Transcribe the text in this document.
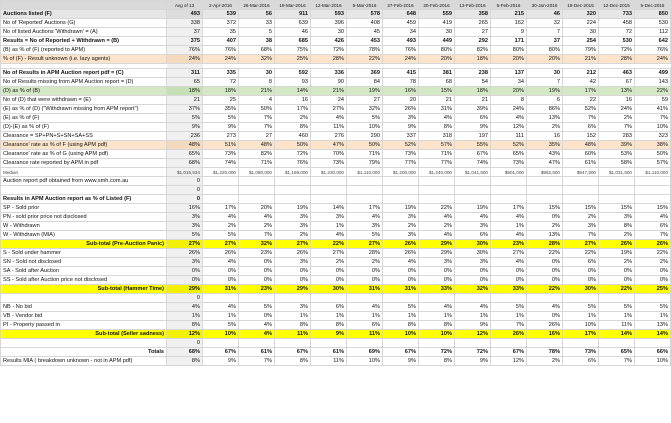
	Avg of 13	2-Apr-2016	26-Mar-2016	19-Mar-2016	12-Mar-2016	5-Mar-2016	27-Feb-2016	20-Feb-2016	13-Feb-2016	6-Feb-2016	30-Jan-2016	19-Dec-2015	12-Dec-2015	5-Dec-2015
Auctions listed (F)	493	539	56	911	593	578	648	559	358	215	46	320	733	850
No of 'Reported' Auctions (G)	338	372	33	639	396	408	459	419	265	162	32	224	458	530
No of listed Auctions 'Withdrawn' = (A)	37	35	5	46	30	45	34	30	27	9	7	30	72	112
Results = No of Reported + Withdrawn = (B)	375	407	38	685	426	453	493	449	292	171	37	254	530	642
(B) as % of (F) (reported to APM)	76%	76%	68%	75%	72%	78%	76%	80%	82%	80%	80%	79%	72%	76%
% of (F) - Result unknown (i.e. lazy agents)	24%	24%	32%	25%	28%	22%	24%	20%	18%	20%	20%	21%	28%	24%

No of Results in APM Auction report pdf = (C)	311	335	30	592	336	369	415	381	238	137	30	212	463	499
No of Results missing from APM Auction report = (D)	65	72	8	93	90	84	78	68	54	34	7	42	67	143
(D) as % of (B)	18%	18%	21%	14%	21%	19%	16%	15%	18%	20%	19%	17%	13%	22%
No of (D) that were withdrawn = (E)	21	25	4	16	24	27	20	21	21	8	6	22	16	59
(E) as % of (D) ("Withdrawn missing from APM report")	37%	35%	50%	17%	27%	32%	26%	31%	39%	24%	86%	52%	24%	41%
(E) as % of (F)	5%	5%	7%	2%	4%	5%	3%	4%	6%	4%	13%	7%	2%	7%
(D)-(E) as % of (F)	9%	9%	7%	8%	11%	10%	9%	8%	9%	12%	2%	6%	7%	10%
Clearance = SP+PN+S+SN+SA+SS	236	273	27	460	276	290	337	318	197	111	16	152	283	323
Clearance' rate as % of F (using APM pdf)	48%	51%	48%	50%	47%	50%	52%	57%	55%	52%	35%	48%	39%	38%
Clearance' rate as % of G (using APM pdf)	65%	73%	82%	72%	70%	71%	73%	71%	67%	65%	43%	60%	53%	50%
Clearance rate reported by APM in pdf	68%	74%	71%	76%	73%	79%	77%	77%	74%	73%	47%	61%	58%	57%
Median	$1,015,534	$1,220,000	$1,080,000	$1,169,000	$1,230,000	$1,110,000	$1,200,000	$1,240,000	$1,041,500	$901,000	$962,500	$947,500	$1,031,500	$1,110,000
Auction report pdf obtained from www.smh.com.au	0													
	0													
Results in APM Auction report as % of Listed (F)	0													
SP - Sold prior	16%	17%	20%	19%	14%	17%	19%	22%	19%	17%	15%	15%	15%	15%
PN - sold prior price not disclosed	3%	4%	4%	3%	3%	4%	3%	4%	4%	4%	0%	2%	3%	4%
W - Withdrawn	3%	2%	2%	3%	1%	3%	2%	2%	3%	1%	2%	3%	8%	6%
W - Withdrawn (MIA)	5%	5%	7%	2%	4%	5%	3%	4%	6%	4%	13%	7%	2%	7%
Sub-total (Pre-Auction Panic)	27%	27%	32%	27%	22%	27%	26%	29%	30%	23%	28%	27%	26%	26%
S - Sold under hammer	26%	26%	23%	26%	27%	28%	26%	29%	30%	27%	22%	22%	19%	22%
SN - Sold not disclosed	3%	4%	0%	3%	2%	2%	4%	3%	3%	4%	0%	6%	2%	2%
SA - Sold after Auction	0%	0%	0%	0%	0%	0%	0%	0%	0%	0%	0%	0%	0%	0%
SS - Sold after Auction price not disclosed	0%	0%	0%	0%	0%	0%	0%	0%	0%	0%	0%	0%	0%	0%
Sub-total (Hammer Time)	29%	31%	23%	29%	30%	31%	31%	33%	32%	33%	22%	30%	22%	25%
	0													
NB - No bid	4%	4%	5%	3%	6%	4%	5%	4%	4%	5%	4%	5%	5%	5%
VB - Vendor bid	1%	1%	0%	1%	1%	1%	1%	1%	1%	1%	0%	1%	1%	1%
PI - Property passed in	8%	5%	4%	8%	8%	6%	8%	8%	9%	7%	26%	10%	11%	13%
Sub-total (Seller sadness)	12%	10%	4%	11%	9%	11%	10%	10%	12%	26%	16%	17%	14%	14%
	0													
Totals	68%	67%	61%	67%	61%	69%	67%	72%	72%	67%	78%	73%	65%	66%
Results MIA ( breakdown unknown - not in APM pdf)	8%	9%	7%	8%	11%	10%	9%	8%	9%	12%	2%	6%	7%	10%
